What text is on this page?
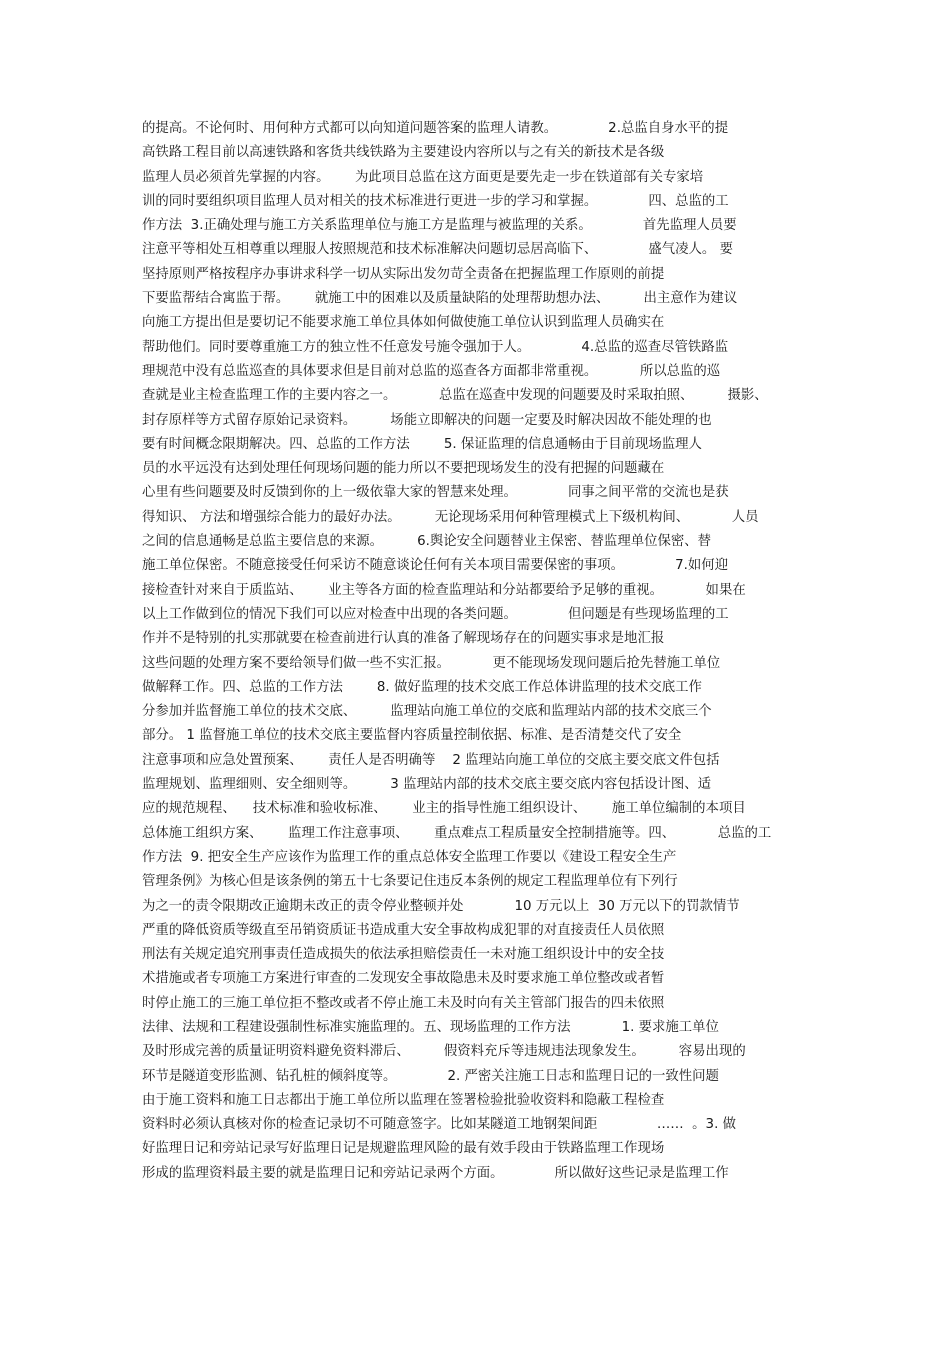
的提高。不论何时、用何种方式都可以向知道问题答案的监理人请教。            2.总监自身水平的提
高铁路工程目前以高速铁路和客货共线铁路为主要建设内容所以与之有关的新技术是各级
监理人员必须首先掌握的内容。      为此项目总监在这方面更是要先走一步在铁道部有关专家培
训的同时要组织项目监理人员对相关的技术标准进行更进一步的学习和掌握。            四、总监的工
作方法  3.正确处理与施工方关系监理单位与施工方是监理与被监理的关系。            首先监理人员要
注意平等相处互相尊重以理服人按照规范和技术标准解决问题切忌居高临下、            盛气凌人。 要
坚持原则严格按程序办事讲求科学一切从实际出发勿苛全责备在把握监理工作原则的前提
下要监帮结合寓监于帮。      就施工中的困难以及质量缺陷的处理帮助想办法、        出主意作为建议
向施工方提出但是要切记不能要求施工单位具体如何做使施工单位认识到监理人员确实在
帮助他们。同时要尊重施工方的独立性不任意发号施令强加于人。            4.总监的巡查尽管铁路监
理规范中没有总监巡查的具体要求但是目前对总监的巡查各方面都非常重视。          所以总监的巡
查就是业主检查监理工作的主要内容之一。          总监在巡查中发现的问题要及时采取拍照、        摄影、
封存原样等方式留存原始记录资料。        场能立即解决的问题一定要及时解决因故不能处理的也
要有时间概念限期解决。四、总监的工作方法        5. 保证监理的信息通畅由于目前现场监理人
员的水平远没有达到处理任何现场问题的能力所以不要把现场发生的没有把握的问题藏在
心里有些问题要及时反馈到你的上一级依靠大家的智慧来处理。            同事之间平常的交流也是获
得知识、 方法和增强综合能力的最好办法。        无论现场采用何种管理模式上下级机构间、          人员
之间的信息通畅是总监主要信息的来源。        6.舆论安全问题替业主保密、替监理单位保密、替
施工单位保密。不随意接受任何采访不随意谈论任何有关本项目需要保密的事项。            7.如何迎
接检查针对来自于质监站、      业主等各方面的检查监理站和分站都要给予足够的重视。          如果在
以上工作做到位的情况下我们可以应对检查中出现的各类问题。            但问题是有些现场监理的工
作并不是特别的扎实那就要在检查前进行认真的准备了解现场存在的问题实事求是地汇报
这些问题的处理方案不要给领导们做一些不实汇报。          更不能现场发现问题后抢先替施工单位
做解释工作。四、总监的工作方法        8. 做好监理的技术交底工作总体讲监理的技术交底工作
分参加并监督施工单位的技术交底、        监理站向施工单位的交底和监理站内部的技术交底三个
部分。 1 监督施工单位的技术交底主要监督内容质量控制依据、标准、是否清楚交代了安全
注意事项和应急处置预案、      责任人是否明确等    2 监理站向施工单位的交底主要交底文件包括
监理规划、监理细则、安全细则等。        3 监理站内部的技术交底主要交底内容包括设计图、适
应的规范规程、    技术标准和验收标准、      业主的指导性施工组织设计、      施工单位编制的本项目
总体施工组织方案、      监理工作注意事项、      重点难点工程质量安全控制措施等。四、          总监的工
作方法  9. 把安全生产应该作为监理工作的重点总体安全监理工作要以《建设工程安全生产
管理条例》为核心但是该条例的第五十七条要记住违反本条例的规定工程监理单位有下列行
为之一的责令限期改正逾期未改正的责令停业整顿并处            10 万元以上  30 万元以下的罚款情节
严重的降低资质等级直至吊销资质证书造成重大安全事故构成犯罪的对直接责任人员依照
刑法有关规定追究刑事责任造成损失的依法承担赔偿责任一未对施工组织设计中的安全技
术措施或者专项施工方案进行审查的二发现安全事故隐患未及时要求施工单位整改或者暂
时停止施工的三施工单位拒不整改或者不停止施工未及时向有关主管部门报告的四未依照
法律、法规和工程建设强制性标准实施监理的。五、现场监理的工作方法            1. 要求施工单位
及时形成完善的质量证明资料避免资料滞后、        假资料充斥等违规违法现象发生。        容易出现的
环节是隧道变形监测、钻孔桩的倾斜度等。            2. 严密关注施工日志和监理日记的一致性问题
由于施工资料和施工日志都出于施工单位所以监理在签署检验批验收资料和隐蔽工程检查
资料时必须认真核对你的检查记录切不可随意签字。比如某隧道工地钢架间距              ……  。3. 做
好监理日记和旁站记录写好监理日记是规避监理风险的最有效手段由于铁路监理工作现场
形成的监理资料最主要的就是监理日记和旁站记录两个方面。            所以做好这些记录是监理工作
